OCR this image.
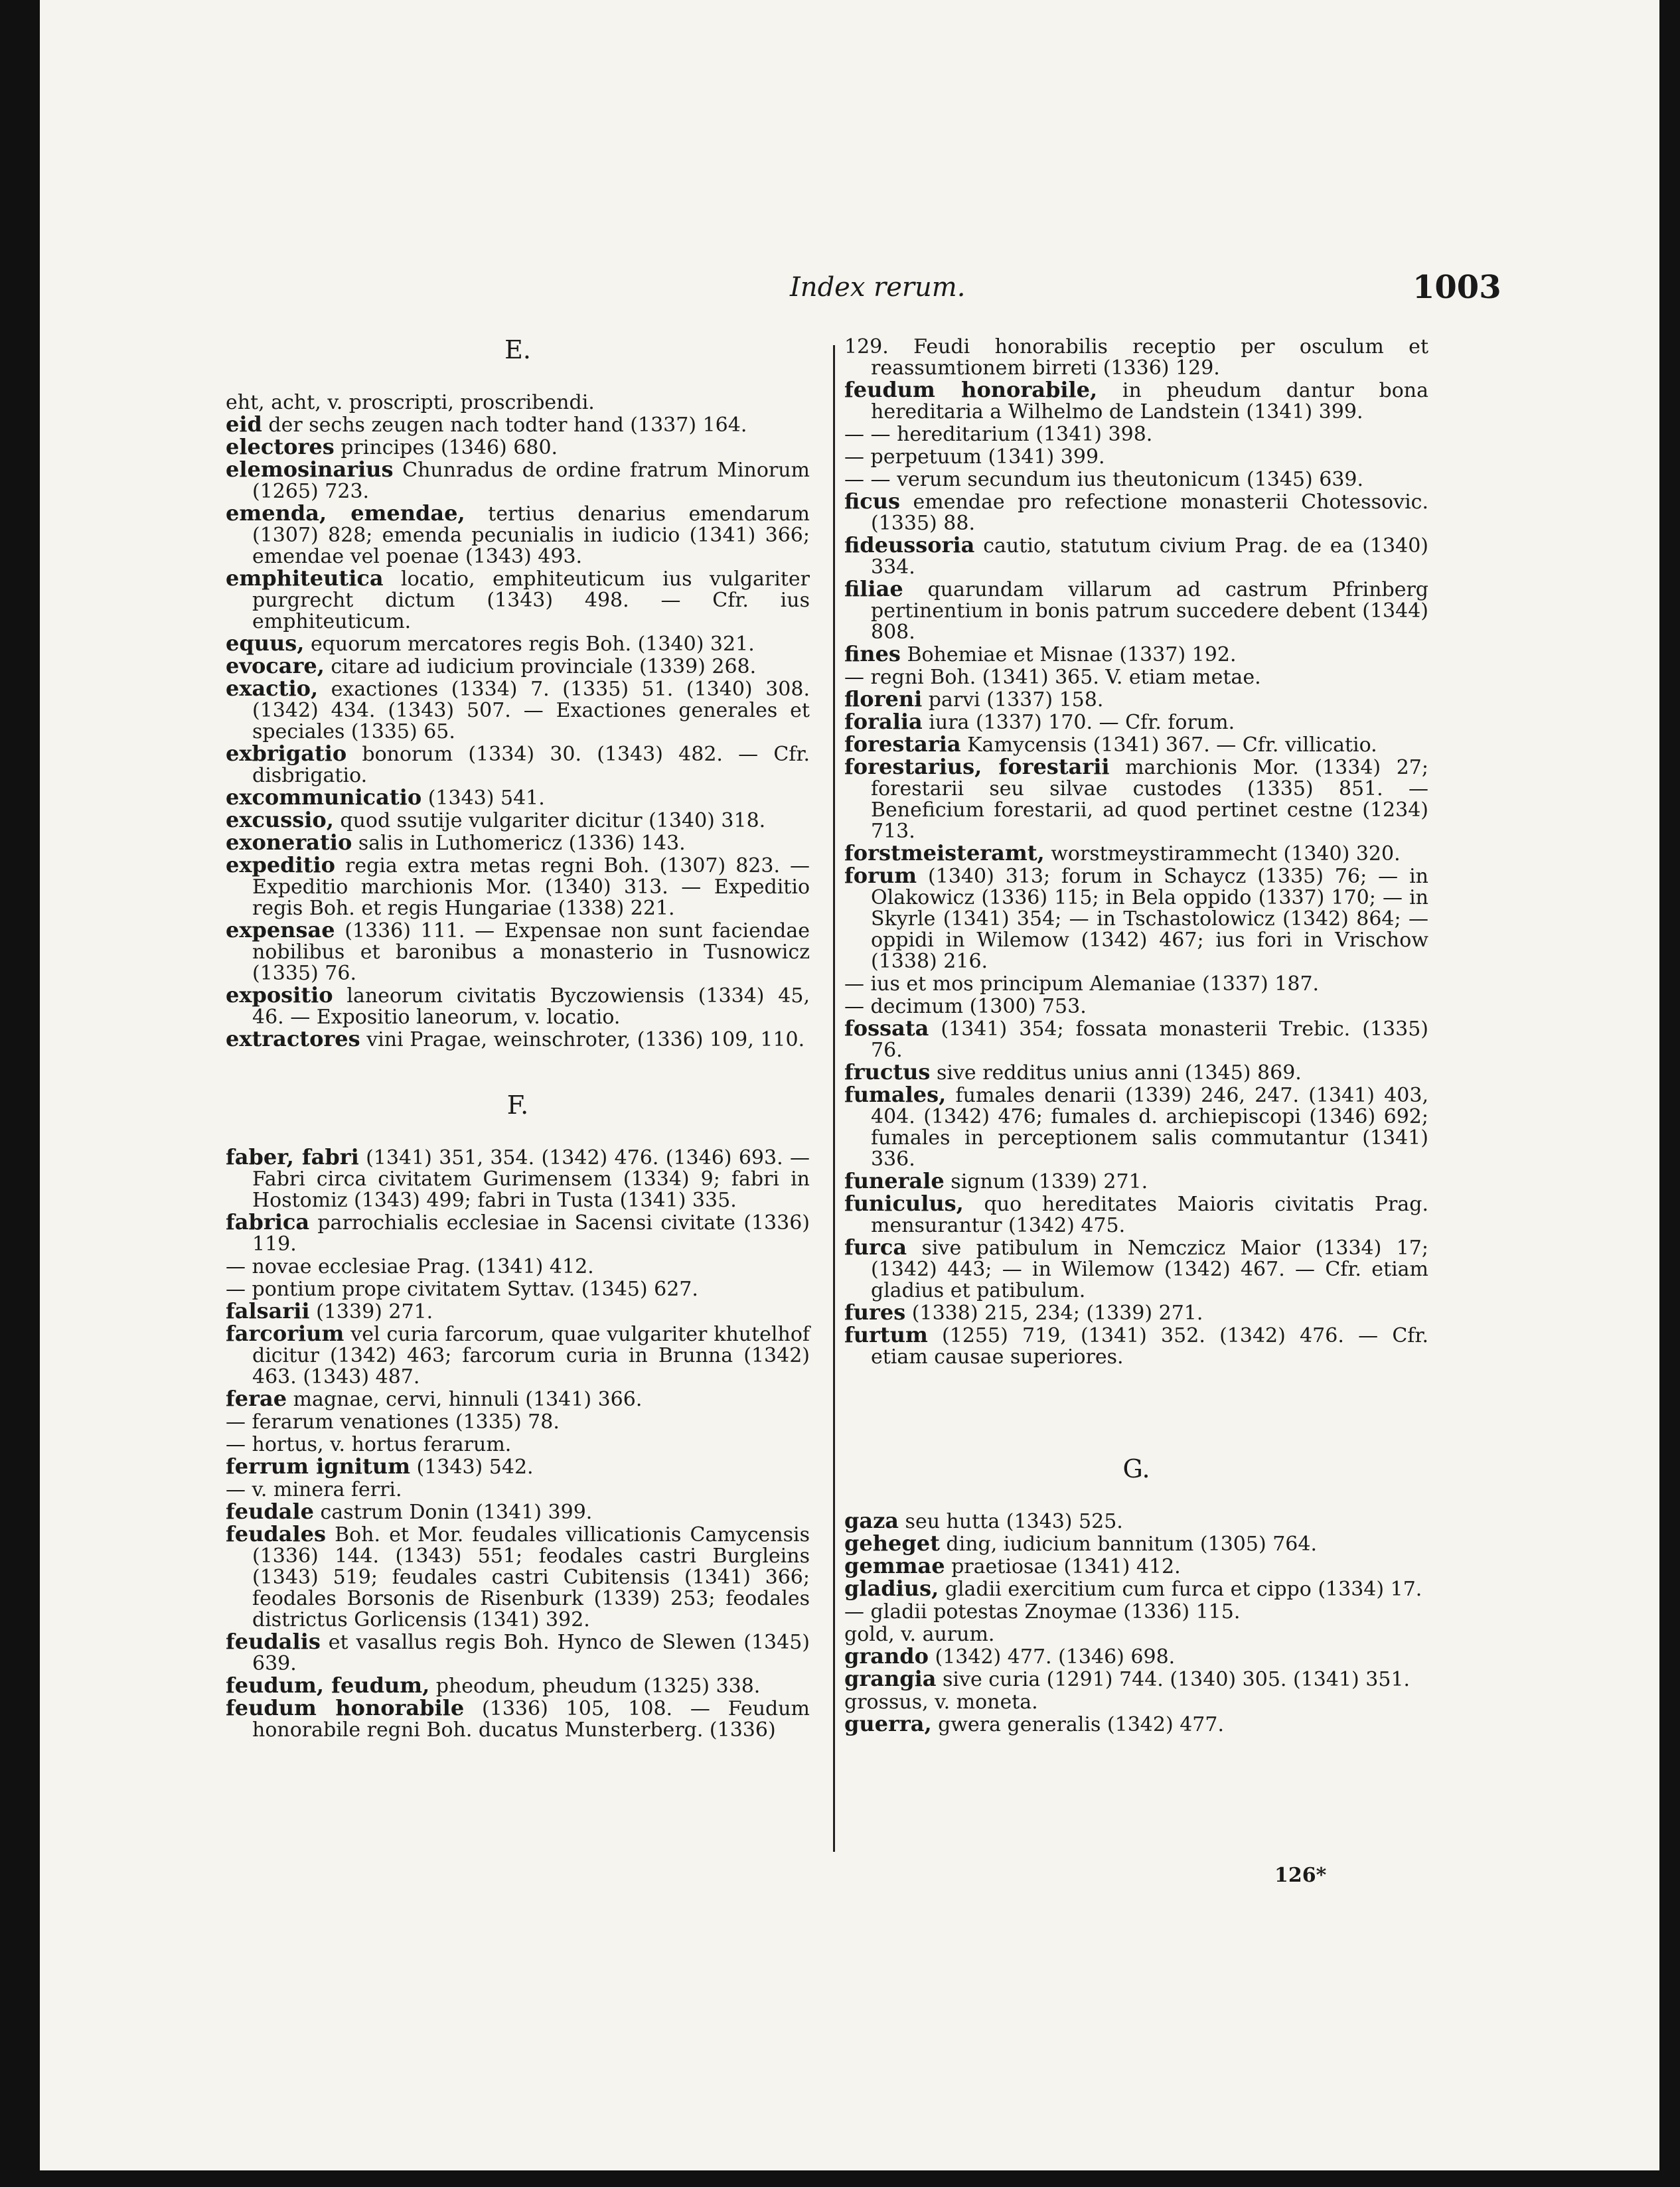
Index rerum.	1003
E.
eht, acht, v. proscripti, proscribendi.
eid der sechs zeugen nach todter hand (1337) 164.
electores principes (1346) 680.
elemosinarius Chunradus de ordine fratrum Minorum (1265) 723.
emenda, emendae, tertius denarius emendarum (1307) 828; emenda pecunialis in iudicio (1341) 366; emendae vel poenae (1343) 493.
emphiteutica locatio, emphiteuticum ius vulgariter purgrecht dictum (1343) 498. — Cfr. ius emphiteuticum.
equus, equorum mercatores regis Boh. (1340) 321.
evocare, citare ad iudicium provinciale (1339) 268.
exactio, exactiones (1334) 7. (1335) 51. (1340) 308. (1342) 434. (1343) 507. — Exactiones generales et speciales (1335) 65.
exbrigatio bonorum (1334) 30. (1343) 482. — Cfr. disbrigatio.
excommunicatio (1343) 541.
excussio, quod ssutije vulgariter dicitur (1340) 318.
exoneratio salis in Luthomericz (1336) 143.
expeditio regia extra metas regni Boh. (1307) 823. — Expeditio marchionis Mor. (1340) 313. — Expeditio regis Boh. et regis Hungariae (1338) 221.
expensae (1336) 111. — Expensae non sunt faciendae nobilibus et baronibus a monasterio in Tusnowicz (1335) 76.
expositio laneorum civitatis Byczowiensis (1334) 45, 46. — Expositio laneorum, v. locatio.
extractores vini Pragae, weinschroter, (1336) 109, 110.
F.
faber, fabri (1341) 351, 354. (1342) 476. (1346) 693. — Fabri circa civitatem Gurimensem (1334) 9; fabri in Hostomiz (1343) 499; fabri in Tusta (1341) 335.
fabrica parrochialis ecclesiae in Sacensi civitate (1336) 119.
— novae ecclesiae Prag. (1341) 412.
— pontium prope civitatem Syttav. (1345) 627.
falsarii (1339) 271.
farcorium vel curia farcorum, quae vulgariter khutelhof dicitur (1342) 463; farcorum curia in Brunna (1342) 463. (1343) 487.
ferae magnae, cervi, hinnuli (1341) 366.
— ferarum venationes (1335) 78.
— hortus, v. hortus ferarum.
ferrum ignitum (1343) 542.
— v. minera ferri.
feudale castrum Donin (1341) 399.
feudales Boh. et Mor. feudales villicationis Camycensis (1336) 144. (1343) 551; feodales castri Burgleins (1343) 519; feudales castri Cubitensis (1341) 366; feodales Borsonis de Risenburk (1339) 253; feodales districtus Gorlicensis (1341) 392.
feudalis et vasallus regis Boh. Hynco de Slewen (1345) 639.
feudum, feudum, pheodum, pheudum (1325) 338.
feudum honorabile (1336) 105, 108. — Feudum honorabile regni Boh. ducatus Munsterberg. (1336)
129. Feudi honorabilis receptio per osculum et reassumtionem birreti (1336) 129.
feudum honorabile, in pheudum dantur bona hereditaria a Wilhelmo de Landstein (1341) 399.
— — hereditarium (1341) 398.
— perpetuum (1341) 399.
— — verum secundum ius theutonicum (1345) 639.
ficus emendae pro refectione monasterii Chotessovic. (1335) 88.
fideussoria cautio, statutum civium Prag. de ea (1340) 334.
filiae quarundam villarum ad castrum Pfrinberg pertinentium in bonis patrum succedere debent (1344) 808.
fines Bohemiae et Misnae (1337) 192.
— regni Boh. (1341) 365. V. etiam metae.
floreni parvi (1337) 158.
foralia iura (1337) 170. — Cfr. forum.
forestaria Kamycensis (1341) 367. — Cfr. villicatio.
forestarius, forestarii marchionis Mor. (1334) 27; forestarii seu silvae custodes (1335) 851. — Beneficium forestarii, ad quod pertinet cestne (1234) 713.
forstmeisteramt, worstmeystirammecht (1340) 320.
forum (1340) 313; forum in Schaycz (1335) 76; — in Olakowicz (1336) 115; in Bela oppido (1337) 170; — in Skyrle (1341) 354; — in Tschastolowicz (1342) 864; — oppidi in Wilemow (1342) 467; ius fori in Vrischow (1338) 216.
— ius et mos principum Alemaniae (1337) 187.
— decimum (1300) 753.
fossata (1341) 354; fossata monasterii Trebic. (1335) 76.
fructus sive redditus unius anni (1345) 869.
fumales, fumales denarii (1339) 246, 247. (1341) 403, 404. (1342) 476; fumales d. archiepiscopi (1346) 692; fumales in perceptionem salis commutantur (1341) 336.
funerale signum (1339) 271.
funiculus, quo hereditates Maioris civitatis Prag. mensurantur (1342) 475.
furca sive patibulum in Nemczicz Maior (1334) 17; (1342) 443; — in Wilemow (1342) 467. — Cfr. etiam gladius et patibulum.
fures (1338) 215, 234; (1339) 271.
furtum (1255) 719, (1341) 352. (1342) 476. — Cfr. etiam causae superiores.
G.
gaza seu hutta (1343) 525.
geheget ding, iudicium bannitum (1305) 764.
gemmae praetiosae (1341) 412.
gladius, gladii exercitium cum furca et cippo (1334) 17.
— gladii potestas Znoymae (1336) 115.
gold, v. aurum.
grando (1342) 477. (1346) 698.
grangia sive curia (1291) 744. (1340) 305. (1341) 351.
grossus, v. moneta.
guerra, gwera generalis (1342) 477.
126*
